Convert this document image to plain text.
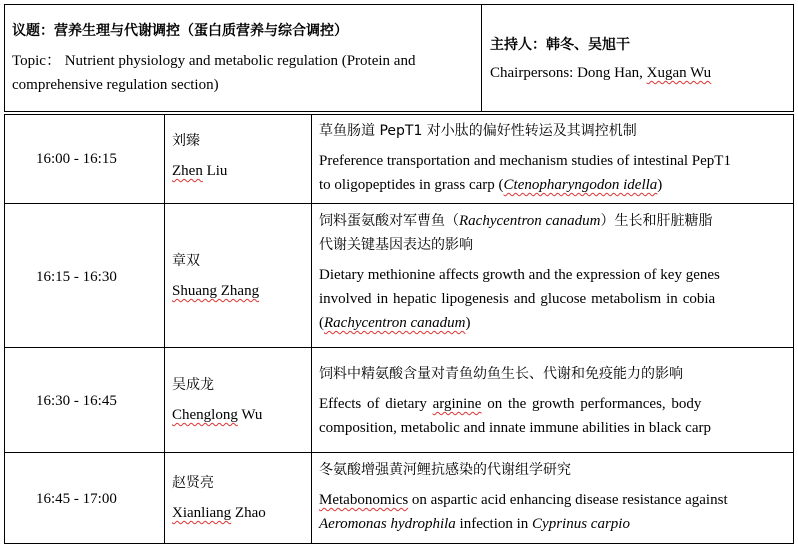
议题：营养生理与代谢调控（蛋白质营养与综合调控）
Topic： Nutrient physiology and metabolic regulation (Protein and
comprehensive regulation section)
主持人：韩冬、吴旭干
Chairpersons: Dong Han, Xugan Wu
16:00 - 16:15
刘臻
Zhen Liu
草鱼肠道 PepT1 对小肽的偏好性转运及其调控机制
Preference transportation and mechanism studies of intestinal PepT1
to oligopeptides in grass carp (Ctenopharyngodon idella)
16:15 - 16:30
章双
Shuang Zhang
饲料蛋氨酸对军曹鱼（Rachycentron canadum）生长和肝脏糖脂
代谢关键基因表达的影响
Dietary methionine affects growth and the expression of key genes
involved in hepatic lipogenesis and glucose metabolism in cobia
(Rachycentron canadum)
16:30 - 16:45
吴成龙
Chenglong Wu
饲料中精氨酸含量对青鱼幼鱼生长、代谢和免疫能力的影响
Effects of dietary arginine on the growth performances, body
composition, metabolic and innate immune abilities in black carp
16:45 - 17:00
赵贤亮
Xianliang Zhao
冬氨酸增强黄河鲤抗感染的代谢组学研究
Metabonomics on aspartic acid enhancing disease resistance against
Aeromonas hydrophila infection in Cyprinus carpio
